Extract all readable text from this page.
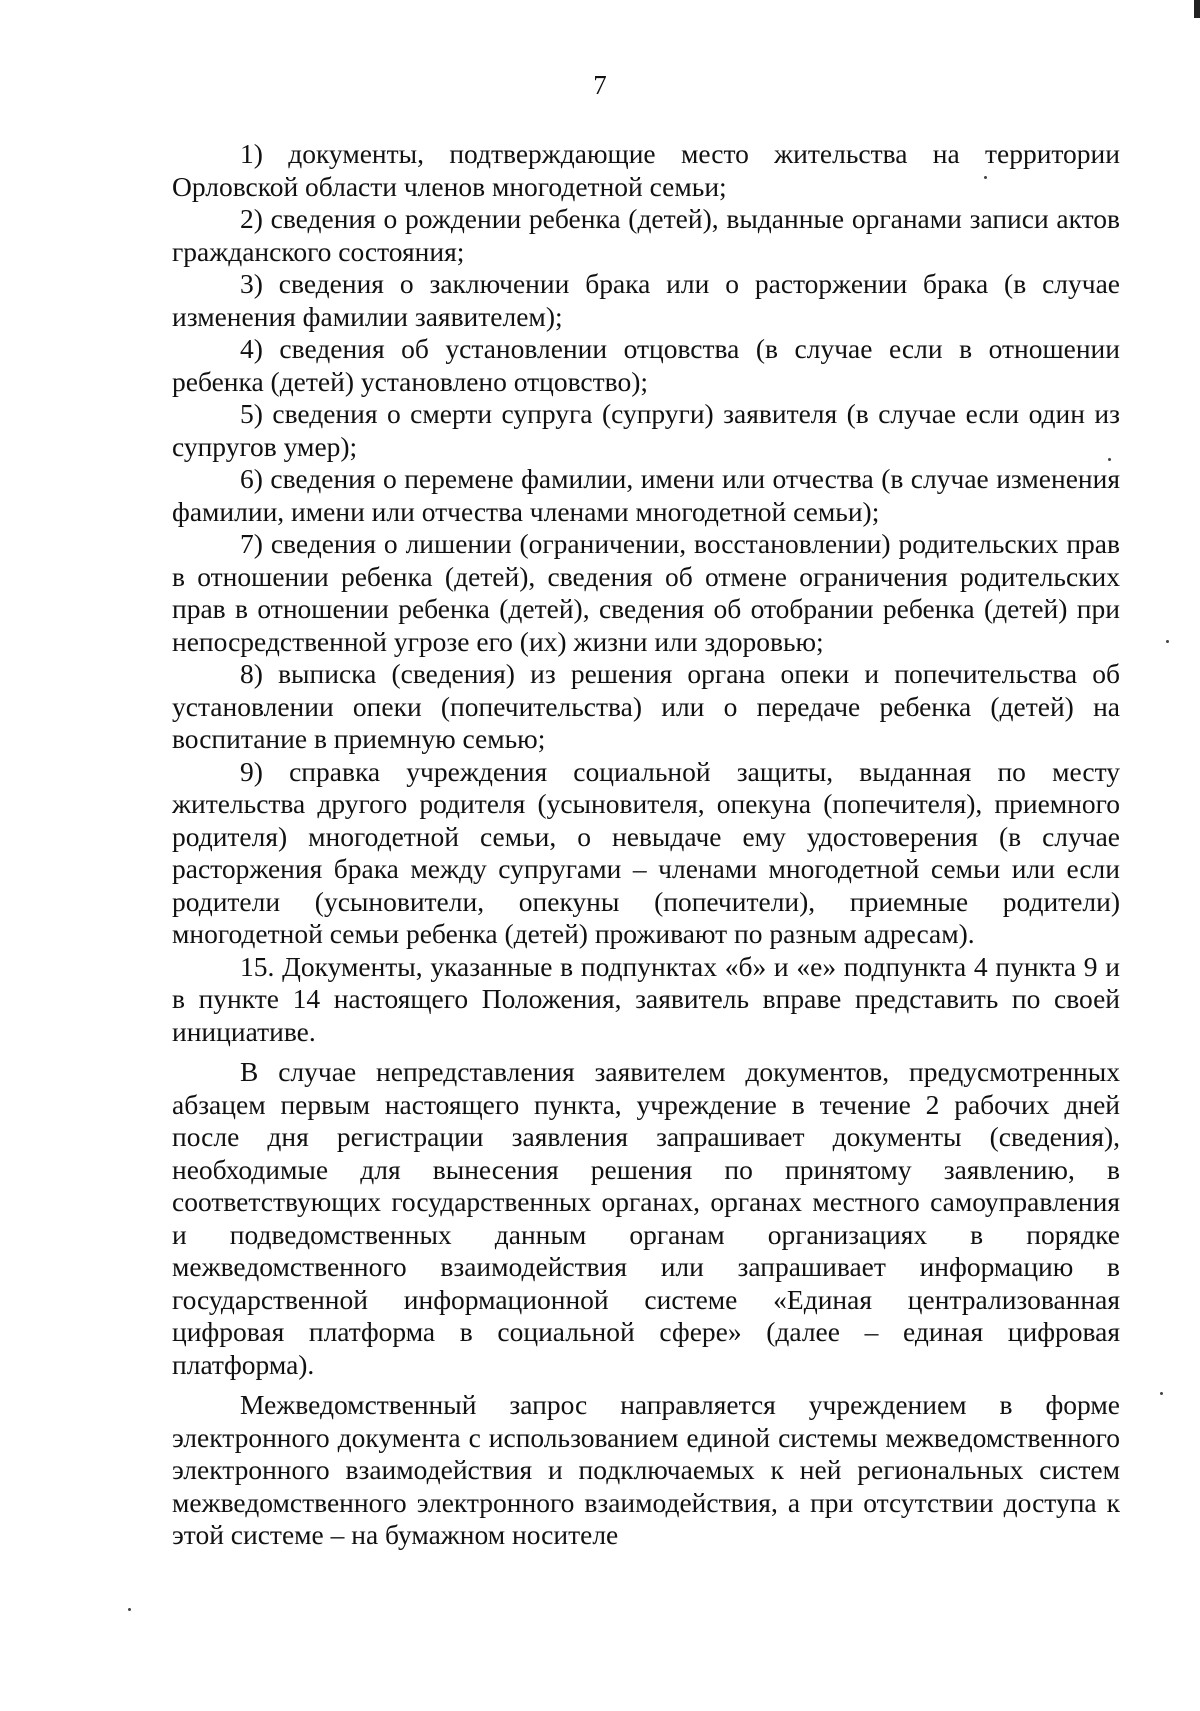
7

1) документы, подтверждающие место жительства на территории Орловской области членов многодетной семьи;

2) сведения о рождении ребенка (детей), выданные органами записи актов гражданского состояния;

3) сведения о заключении брака или о расторжении брака (в случае изменения фамилии заявителем);

4) сведения об установлении отцовства (в случае если в отношении ребенка (детей) установлено отцовство);

5) сведения о смерти супруга (супруги) заявителя (в случае если один из супругов умер);

6) сведения о перемене фамилии, имени или отчества (в случае изменения фамилии, имени или отчества членами многодетной семьи);

7) сведения о лишении (ограничении, восстановлении) родительских прав в отношении ребенка (детей), сведения об отмене ограничения родительских прав в отношении ребенка (детей), сведения об отобрании ребенка (детей) при непосредственной угрозе его (их) жизни или здоровью;

8) выписка (сведения) из решения органа опеки и попечительства об установлении опеки (попечительства) или о передаче ребенка (детей) на воспитание в приемную семью;

9) справка учреждения социальной защиты, выданная по месту жительства другого родителя (усыновителя, опекуна (попечителя), приемного родителя) многодетной семьи, о невыдаче ему удостоверения (в случае расторжения брака между супругами – членами многодетной семьи или если родители (усыновители, опекуны (попечители), приемные родители) многодетной семьи ребенка (детей) проживают по разным адресам).

15. Документы, указанные в подпунктах «б» и «е» подпункта 4 пункта 9 и в пункте 14 настоящего Положения, заявитель вправе представить по своей инициативе.

В случае непредставления заявителем документов, предусмотренных абзацем первым настоящего пункта, учреждение в течение 2 рабочих дней после дня регистрации заявления запрашивает документы (сведения), необходимые для вынесения решения по принятому заявлению, в соответствующих государственных органах, органах местного самоуправления и подведомственных данным органам организациях в порядке межведомственного взаимодействия или запрашивает информацию в государственной информационной системе «Единая централизованная цифровая платформа в социальной сфере» (далее – единая цифровая платформа).

Межведомственный запрос направляется учреждением в форме электронного документа с использованием единой системы межведомственного электронного взаимодействия и подключаемых к ней региональных систем межведомственного электронного взаимодействия, а при отсутствии доступа к этой системе – на бумажном носителе
